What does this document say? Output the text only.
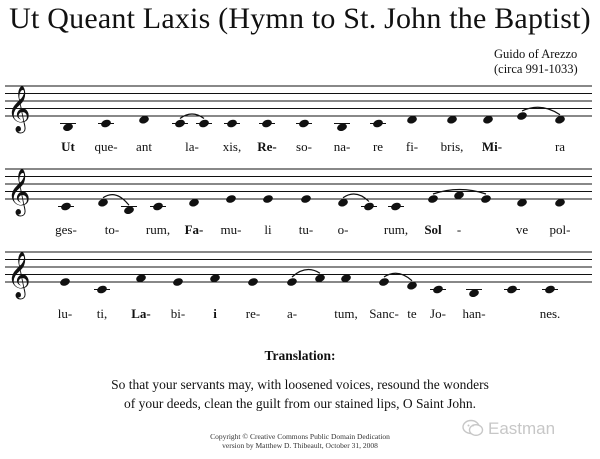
Ut Queant Laxis (Hymn to St. John the Baptist)
Guido of Arezzo
(circa 991-1033)
𝄞
𝄞
𝄞
Ut que- ant	la- xis, Re- so- na- re fi- bris, Mi-	ra
ges- to- rum, Fa- mu- li tu- o-	rum, Sol -	ve pol-
lu- ti, La- bi- i re- a-	tum, Sanc- te Jo- han-	nes.
Translation:
So that your servants may, with loosened voices, resound the wonders
of your deeds, clean the guilt from our stained lips, O Saint John.
Copyright © Creative Commons Public Domain Dedication
version by Matthew D. Thibeault, October 31, 2008
Eastman
